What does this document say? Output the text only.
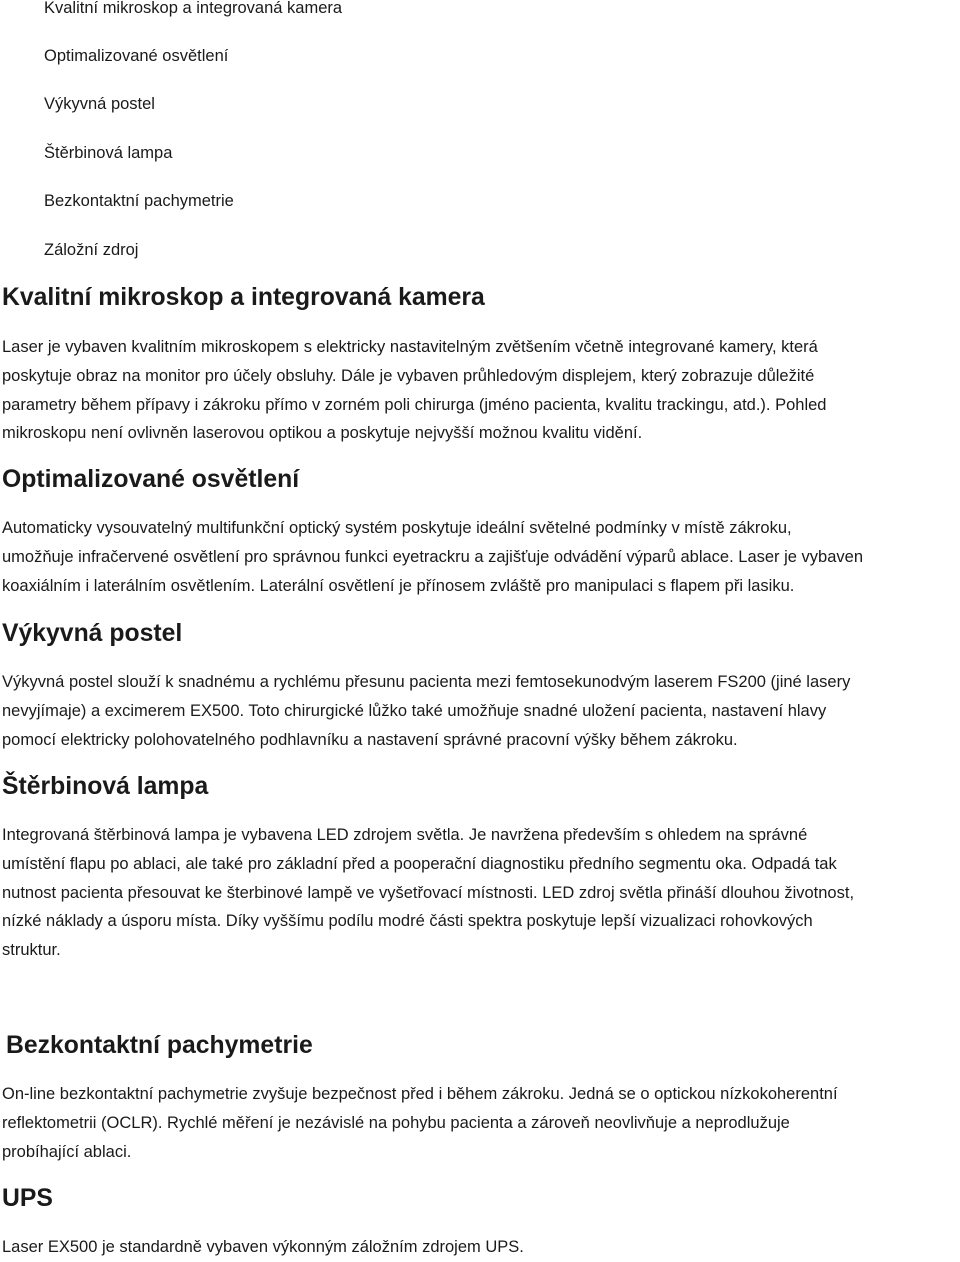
Kvalitní mikroskop a integrovaná kamera

Optimalizované osvětlení

Výkyvná postel

Štěrbinová lampa

Bezkontaktní pachymetrie

Záložní zdroj

Kvalitní mikroskop a integrovaná kamera
Laser je vybaven kvalitním mikroskopem s elektricky nastavitelným zvětšením včetně integrované kamery, která
poskytuje obraz na monitor pro účely obsluhy. Dále je vybaven průhledovým displejem, který zobrazuje důležité
parametry během přípavy i zákroku přímo v zorném poli chirurga (jméno pacienta, kvalitu trackingu, atd.). Pohled
mikroskopu není ovlivněn laserovou optikou a poskytuje nejvyšší možnou kvalitu vidění.
Optimalizované osvětlení
Automaticky vysouvatelný multifunkční optický systém poskytuje ideální světelné podmínky v místě zákroku,
umožňuje infračervené osvětlení pro správnou funkci eyetrackru a zajišťuje odvádění výparů ablace. Laser je vybaven
koaxiálním i laterálním osvětlením. Laterální osvětlení je přínosem zvláště pro manipulaci s flapem při lasiku.
Výkyvná postel
Výkyvná postel slouží k snadnému a rychlému přesunu pacienta mezi femtosekunodvým laserem FS200 (jiné lasery
nevyjímaje) a excimerem EX500. Toto chirurgické lůžko také umožňuje snadné uložení pacienta, nastavení hlavy
pomocí elektricky polohovatelného podhlavníku a nastavení správné pracovní výšky během zákroku.
Štěrbinová lampa
Integrovaná štěrbinová lampa je vybavena LED zdrojem světla. Je navržena především s ohledem na správné
umístění flapu po ablaci, ale také pro základní před a pooperační diagnostiku předního segmentu oka. Odpadá tak
nutnost pacienta přesouvat ke šterbinové lampě ve vyšetřovací místnosti. LED zdroj světla přináší dlouhou životnost,
nízké náklady a úsporu místa. Díky vyššímu podílu modré části spektra poskytuje lepší vizualizaci rohovkových
struktur.
Bezkontaktní pachymetrie
On-line bezkontaktní pachymetrie zvyšuje bezpečnost před i během zákroku. Jedná se o optickou nízkokoherentní
reflektometrii (OCLR). Rychlé měření je nezávislé na pohybu pacienta a zároveň neovlivňuje a neprodlužuje
probíhající ablaci.
UPS
Laser EX500 je standardně vybaven výkonným záložním zdrojem UPS.
